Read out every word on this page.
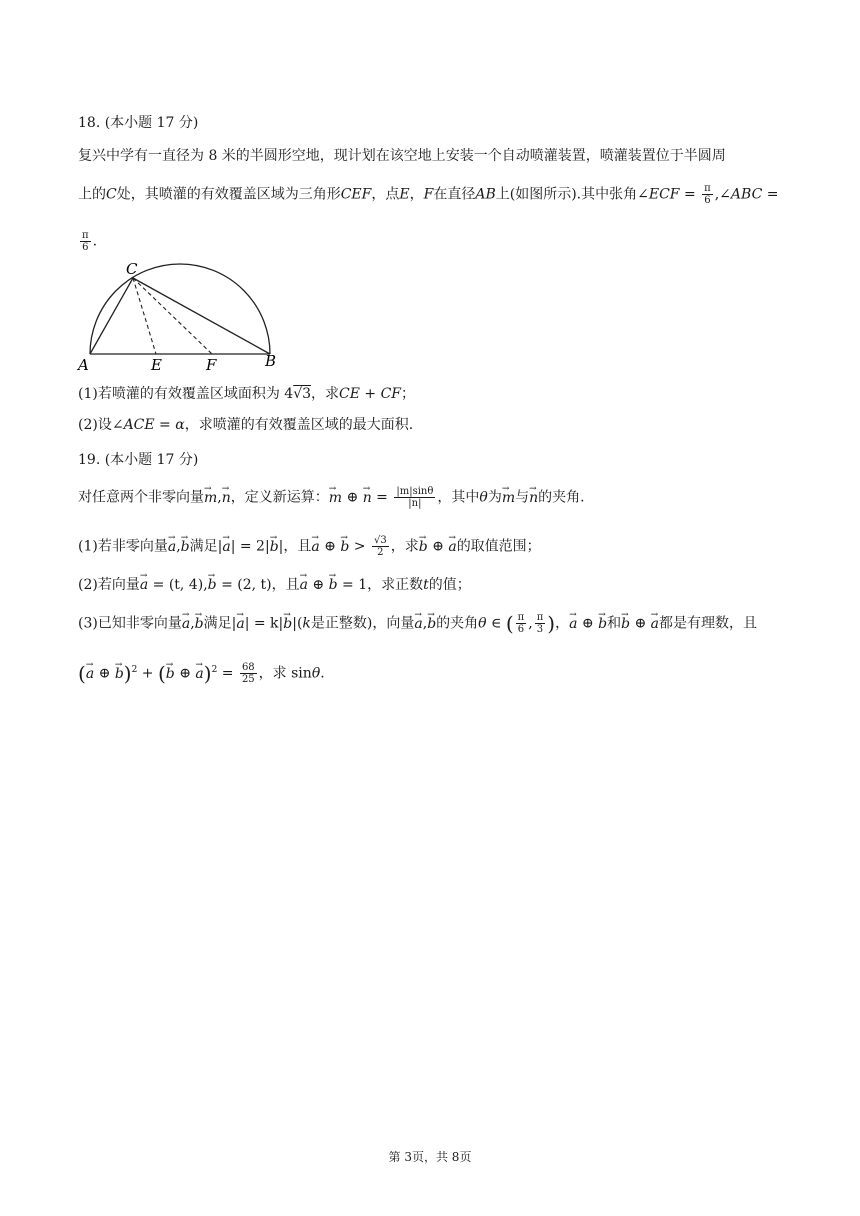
18. (本小题 17 分)
复兴中学有一直径为 8 米的半圆形空地，现计划在该空地上安装一个自动喷灌装置，喷灌装置位于半圆周
上的C处，其喷灌的有效覆盖区域为三角形CEF，点E，F在直径AB上(如图所示).其中张角∠ECF = $\frac{\pi}{6}$ ,∠ABC =
$\frac{\pi}{6}$ .
C
A	E	F	B
(1)若喷灌的有效覆盖区域面积为 4√3，求CE + CF；
(2)设∠ACE = α，求喷灌的有效覆盖区域的最大面积.
19. (本小题 17 分)
对任意两个非零向量→ m,→ n，定义新运算：→ m ⊕ → $n = \frac{|m|\sin\theta}{|n|}$ ，其中θ为→ m与→ n的夹角.
(1)若非零向量→ a,→ b满足|→ a| = 2|→ b|，且→ a ⊕ → $b > \frac{√3}{2}$ ，求→ b ⊕ → a的取值范围；
(2)若向量→ a = (t, 4),→ b = (2, t)，且→ a ⊕ → b = 1，求正数t的值；
(3)已知非零向量→ a,→ b满足|→ a| = k|→ b|(k是正整数)，向量→ a,→ b的夹角θ ∈ ( $\frac{\pi}{6}$ , $\frac{\pi}{3}$ )，→ a ⊕ → b和→ b ⊕ → a都是有理数，且
(→ a ⊕ → b)$^2$ + (→ b ⊕ → $a)^2 = \frac{68}{25}$ ，求 sinθ.
第 3页，共 8页
